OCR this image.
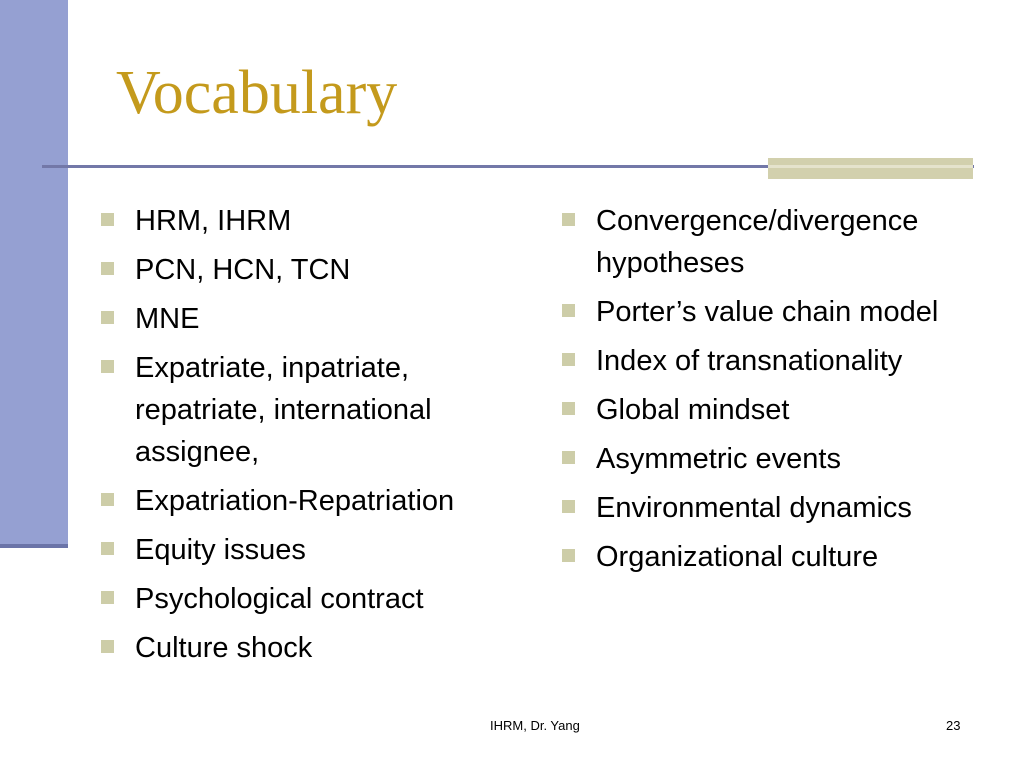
Vocabulary
HRM, IHRM
PCN, HCN, TCN
MNE
Expatriate, inpatriate, repatriate, international assignee,
Expatriation-Repatriation
Equity issues
Psychological contract
Culture shock
Convergence/divergence hypotheses
Porter’s value chain model
Index of transnationality
Global mindset
Asymmetric events
Environmental dynamics
Organizational culture
IHRM, Dr. Yang	23
